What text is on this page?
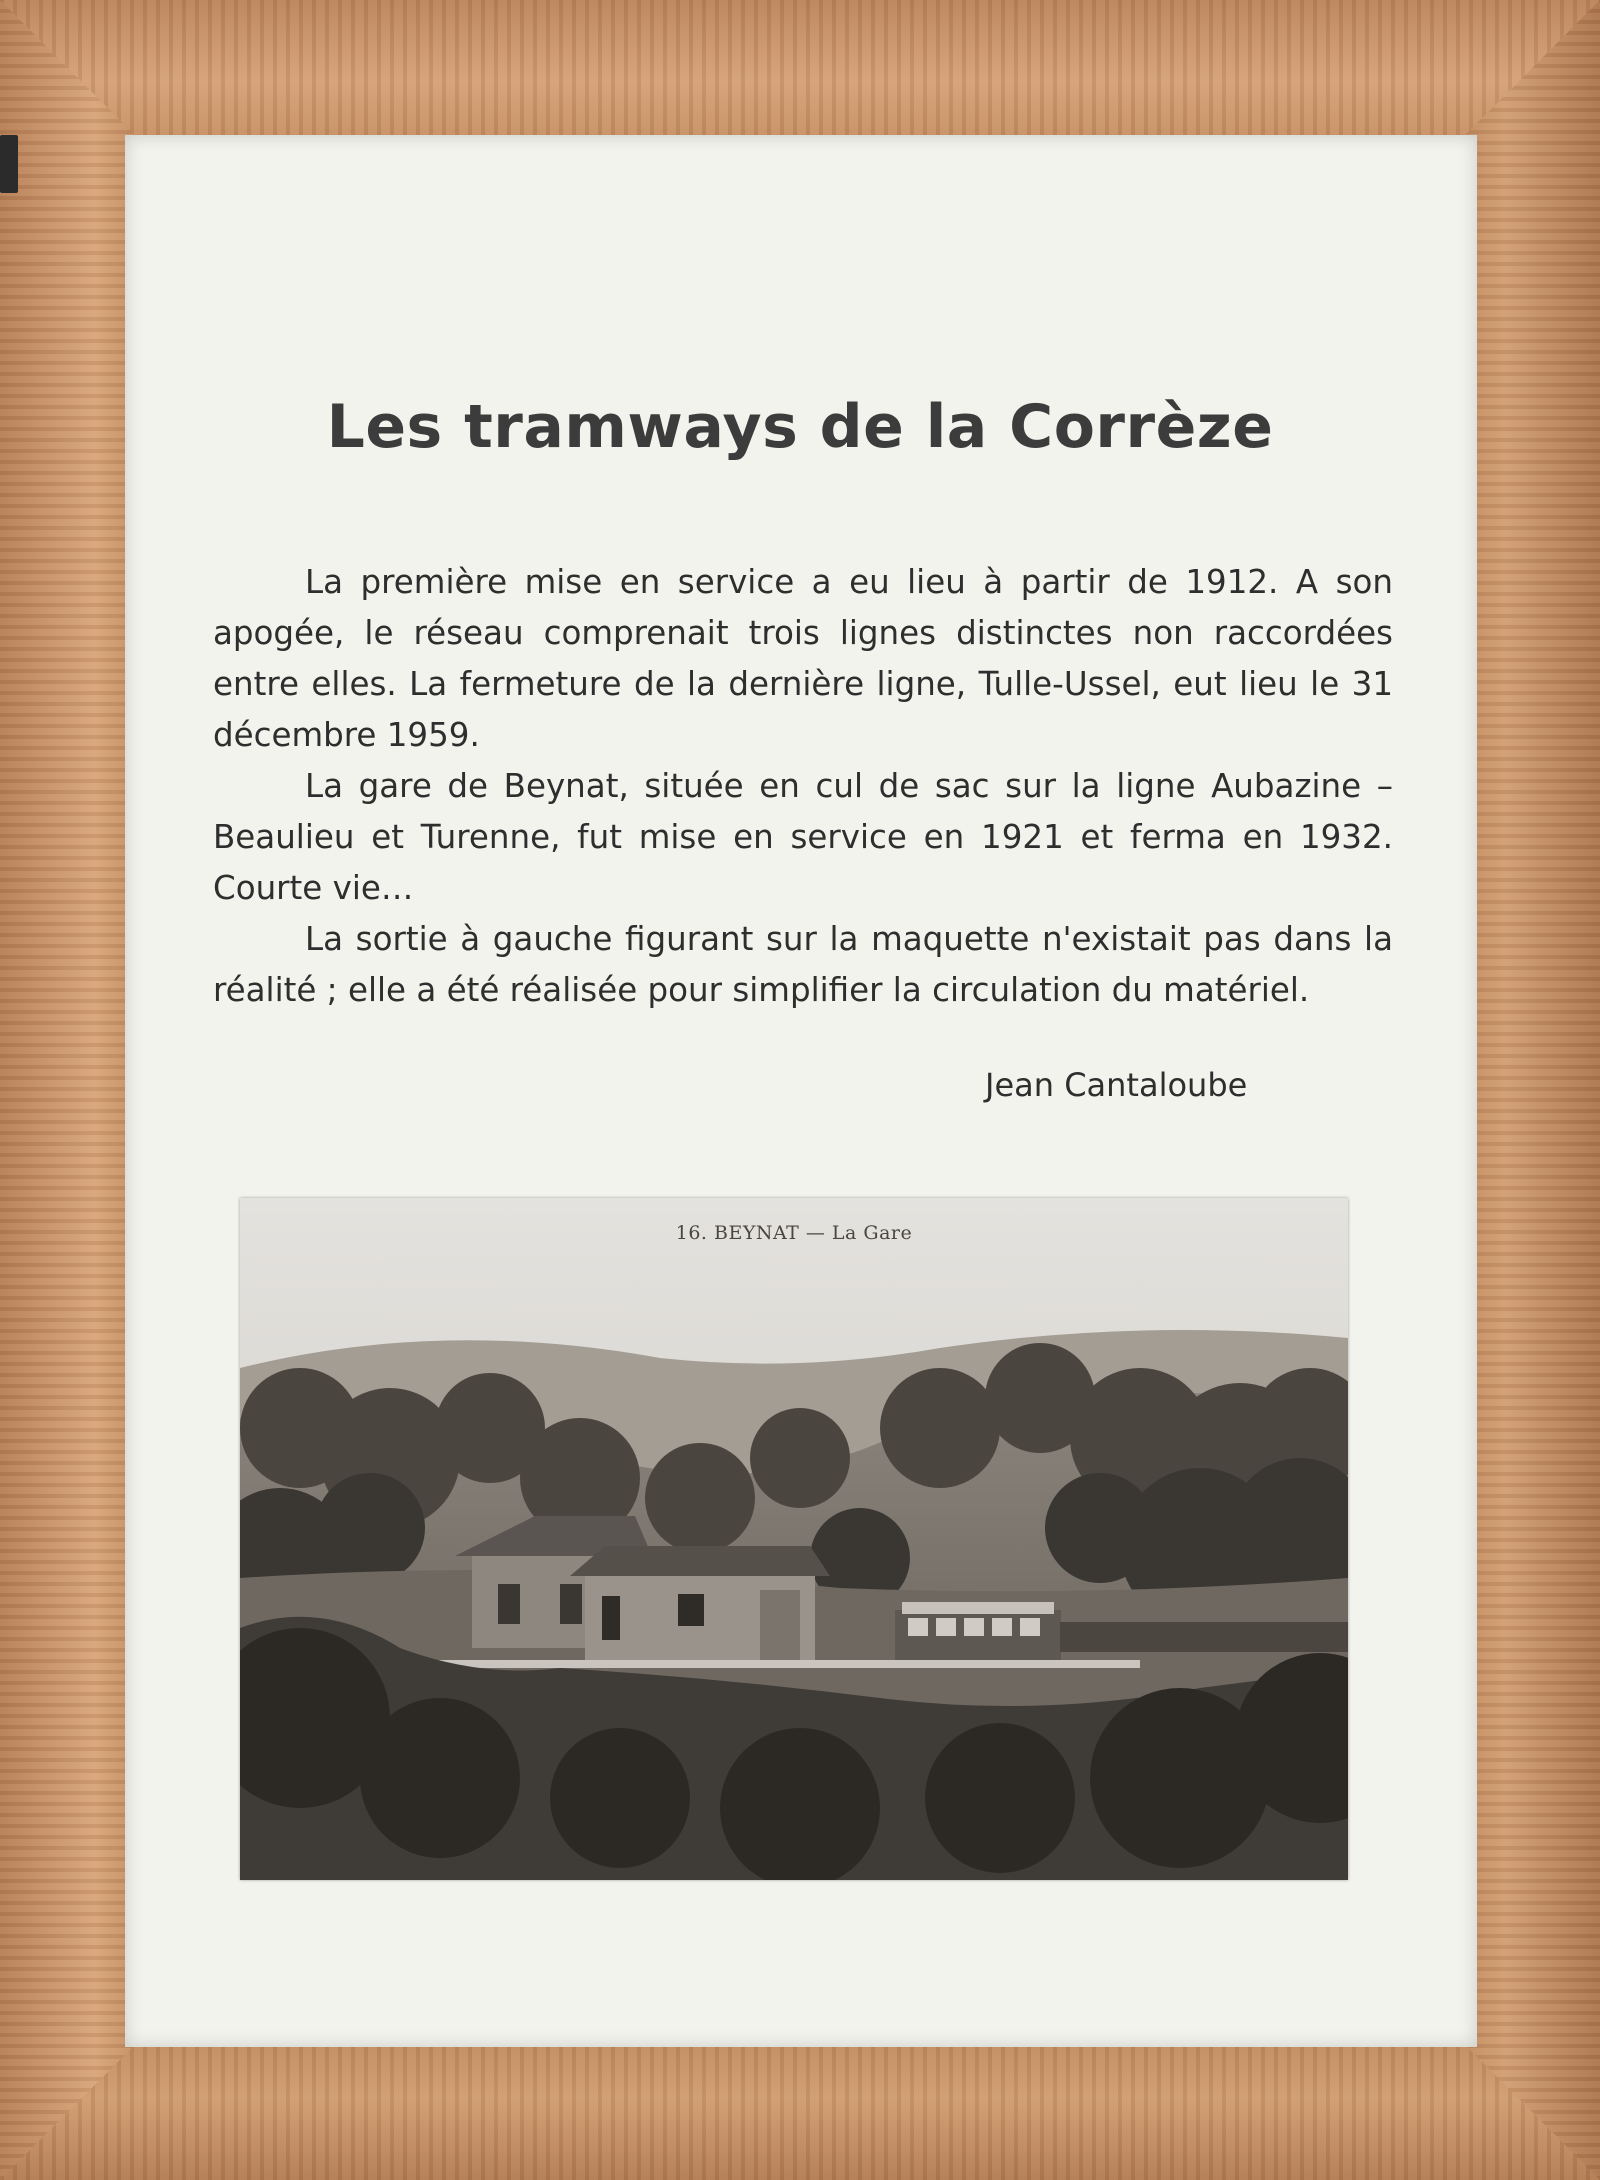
Les tramways de la Corrèze

La première mise en service a eu lieu à partir de 1912. A son apogée, le réseau comprenait trois lignes distinctes non raccordées entre elles. La fermeture de la dernière ligne, Tulle-Ussel, eut lieu le 31 décembre 1959.

La gare de Beynat, située en cul de sac sur la ligne Aubazine – Beaulieu et Turenne, fut mise en service en 1921 et ferma en 1932. Courte vie…

La sortie à gauche figurant sur la maquette n'existait pas dans la réalité ; elle a été réalisée pour simplifier la circulation du matériel.

Jean Cantaloube
16. BEYNAT — La Gare
